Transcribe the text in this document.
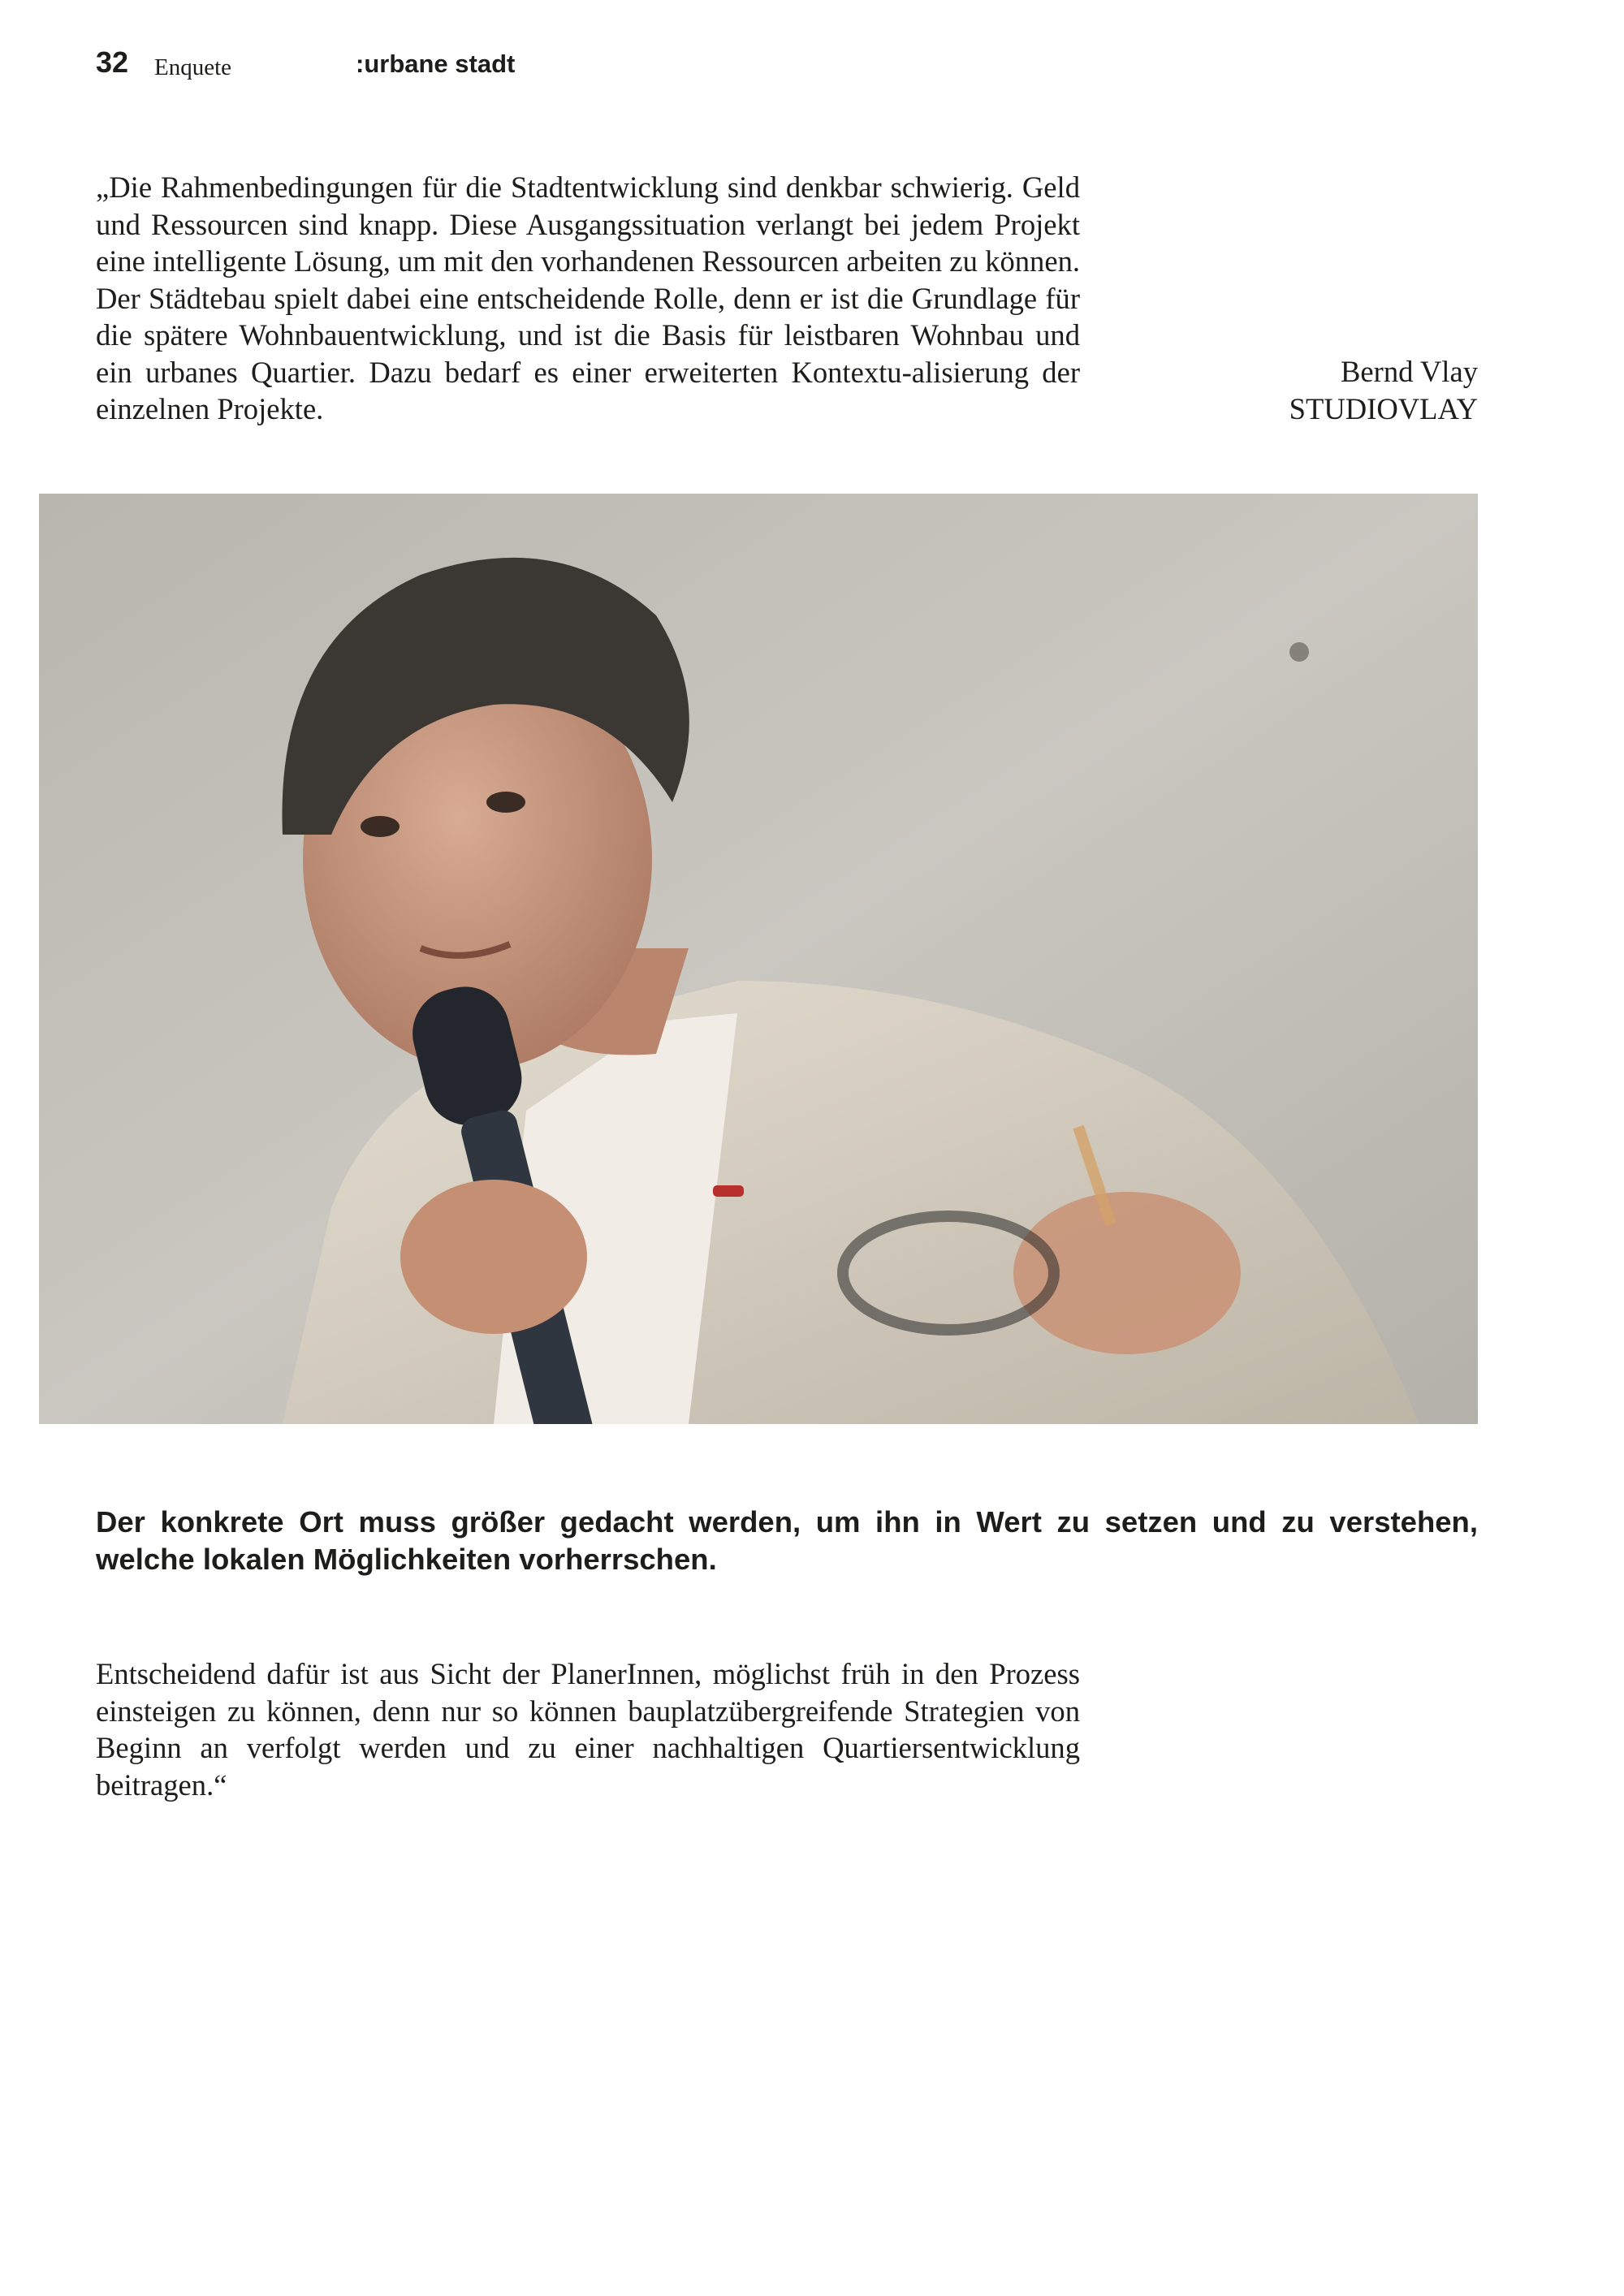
32 Enquete	:urbane stadt

„Die Rahmenbedingungen für die Stadtentwicklung sind denkbar schwierig. Geld und Ressourcen sind knapp. Diese Ausgangssituation verlangt bei jedem Projekt eine intelligente Lösung, um mit den vorhandenen Ressourcen arbeiten zu können. Der Städtebau spielt dabei eine entscheidende Rolle, denn er ist die Grundlage für die spätere Wohnbauentwicklung, und ist die Basis für leistbaren Wohnbau und ein urbanes Quartier. Dazu bedarf es einer erweiterten Kontextu-alisierung der einzelnen Projekte.

Bernd Vlay
STUDIOVLAY

Der konkrete Ort muss größer gedacht werden, um ihn in Wert zu setzen und zu verstehen, welche lokalen Möglichkeiten vorherrschen.

Entscheidend dafür ist aus Sicht der PlanerInnen, möglichst früh in den Prozess einsteigen zu können, denn nur so können bauplatzübergreifende Strategien von Beginn an verfolgt werden und zu einer nachhaltigen Quartiersentwicklung beitragen.“
